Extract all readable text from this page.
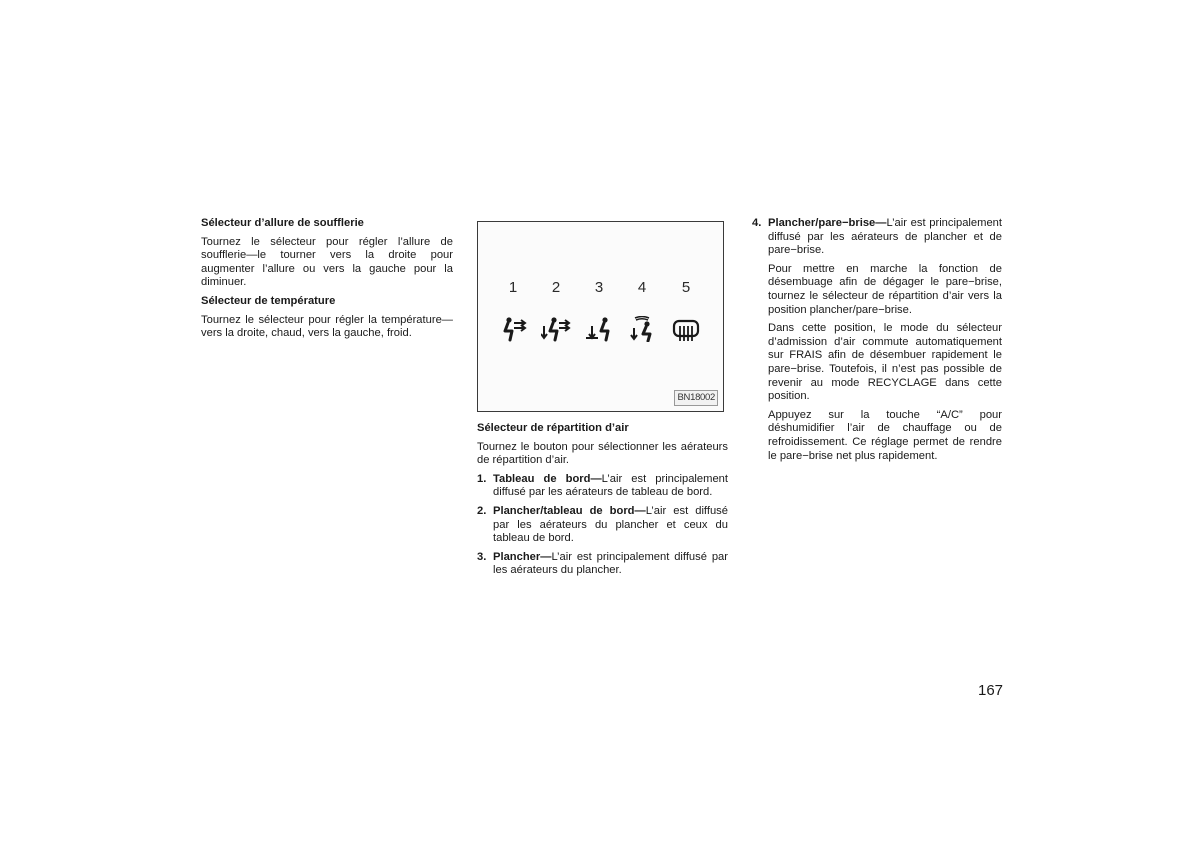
Sélecteur d’allure de soufflerie
Tournez le sélecteur pour régler l’allure de soufflerie—le tourner vers la droite pour augmenter l’allure ou vers la gauche pour la diminuer.
Sélecteur de température
Tournez le sélecteur pour régler la température—vers la droite, chaud, vers la gauche, froid.
1	2	3	4	5
BN18002
Sélecteur de répartition d’air
Tournez le bouton pour sélectionner les aérateurs de répartition d’air.
1. Tableau de bord—L’air est principalement diffusé par les aérateurs de tableau de bord.
2. Plancher/tableau de bord—L’air est diffusé par les aérateurs du plancher et ceux du tableau de bord.
3. Plancher—L’air est principalement diffusé par les aérateurs du plancher.
4. Plancher/pare−brise—L’air est principalement diffusé par les aérateurs de plancher et de pare−brise.
Pour mettre en marche la fonction de désembuage afin de dégager le pare−brise, tournez le sélecteur de répartition d’air vers la position plancher/pare−brise.
Dans cette position, le mode du sélecteur d’admission d’air commute automatiquement sur FRAIS afin de désembuer rapidement le pare−brise. Toutefois, il n’est pas possible de revenir au mode RECYCLAGE dans cette position.
Appuyez sur la touche “A/C” pour déshumidifier l’air de chauffage ou de refroidissement. Ce réglage permet de rendre le pare−brise net plus rapidement.
167
